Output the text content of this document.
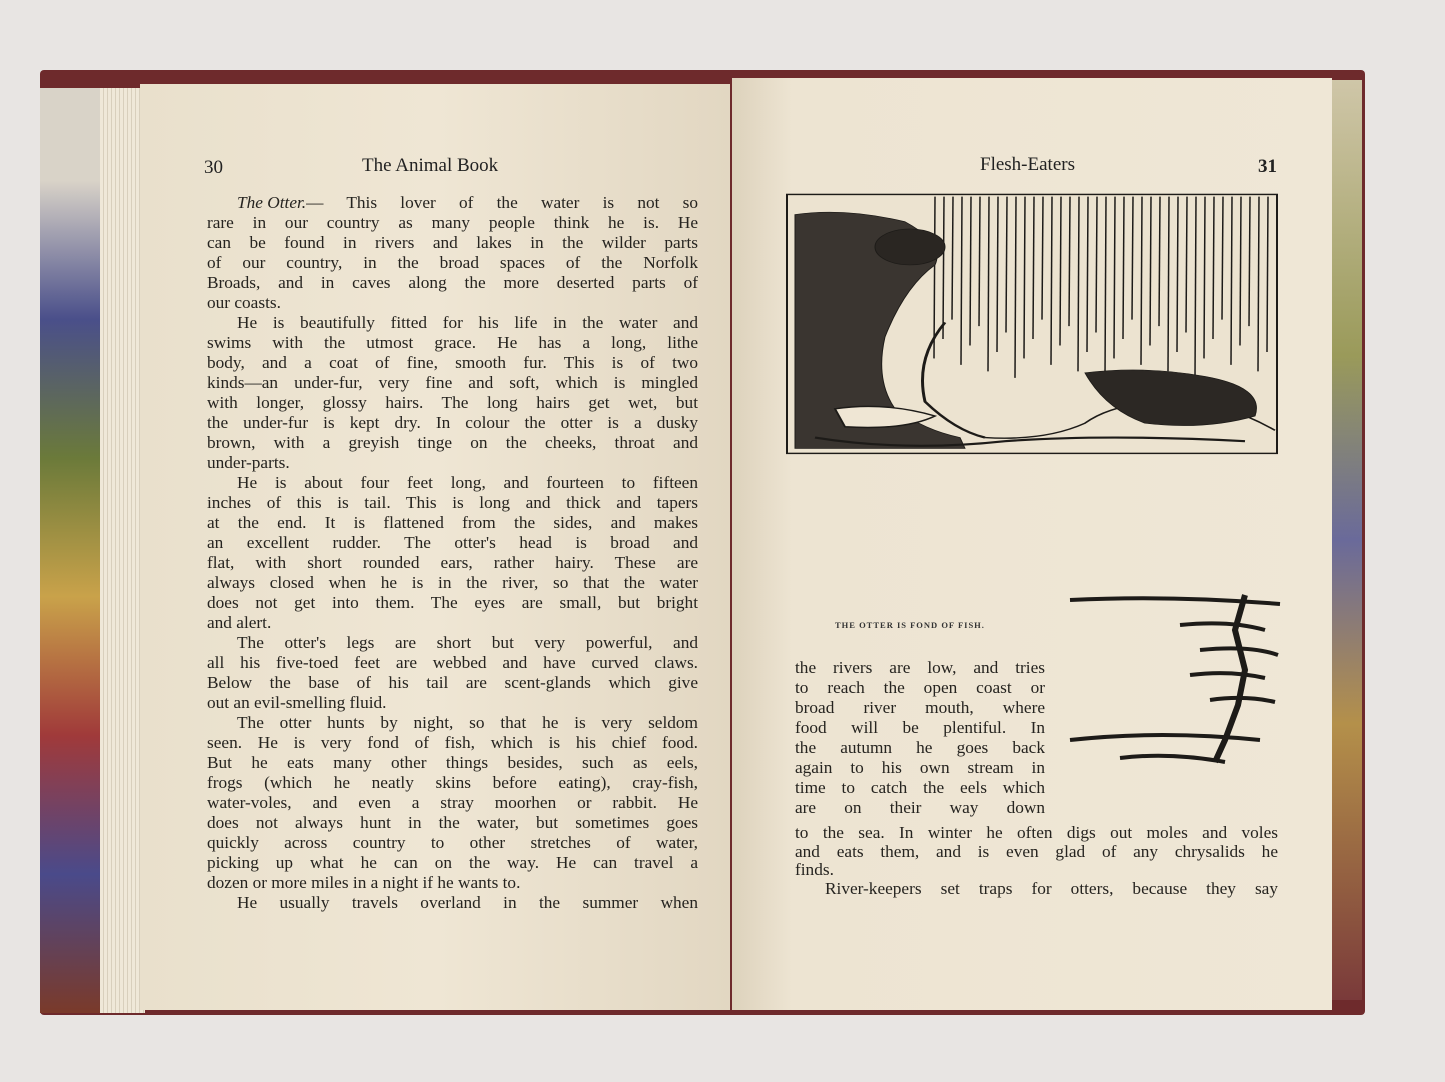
30	The Animal Book	Flesh-Eaters	31
The Otter. — This lover of the water is not so
rare in our country as many people think he is. He
can be found in rivers and lakes in the wilder parts
of our country, in the broad spaces of the Norfolk
Broads, and in caves along the more deserted parts of
our coasts.
He is beautifully fitted for his life in the water and
swims with the utmost grace. He has a long, lithe
body, and a coat of fine, smooth fur. This is of two
kinds—an under-fur, very fine and soft, which is mingled
with longer, glossy hairs. The long hairs get wet, but
the under-fur is kept dry. In colour the otter is a dusky
brown, with a greyish tinge on the cheeks, throat and
under-parts.
He is about four feet long, and fourteen to fifteen
inches of this is tail. This is long and thick and tapers
at the end. It is flattened from the sides, and makes
an excellent rudder. The otter's head is broad and
flat, with short rounded ears, rather hairy. These are
always closed when he is in the river, so that the water
does not get into them. The eyes are small, but bright
and alert.
The otter's legs are short but very powerful, and
all his five-toed feet are webbed and have curved claws.
Below the base of his tail are scent-glands which give
out an evil-smelling fluid.
The otter hunts by night, so that he is very seldom
seen. He is very fond of fish, which is his chief food.
But he eats many other things besides, such as eels,
frogs (which he neatly skins before eating), cray-fish,
water-voles, and even a stray moorhen or rabbit. He
does not always hunt in the water, but sometimes goes
quickly across country to other stretches of water,
picking up what he can on the way. He can travel a
dozen or more miles in a night if he wants to.
He usually travels overland in the summer when
THE OTTER IS FOND OF FISH.
the rivers are low, and tries
to reach the open coast or
broad river mouth, where
food will be plentiful. In
the autumn he goes back
again to his own stream in
time to catch the eels which
are on their way down
to the sea. In winter he often digs out moles and voles
and eats them, and is even glad of any chrysalids he
finds.
River-keepers set traps for otters, because they say
